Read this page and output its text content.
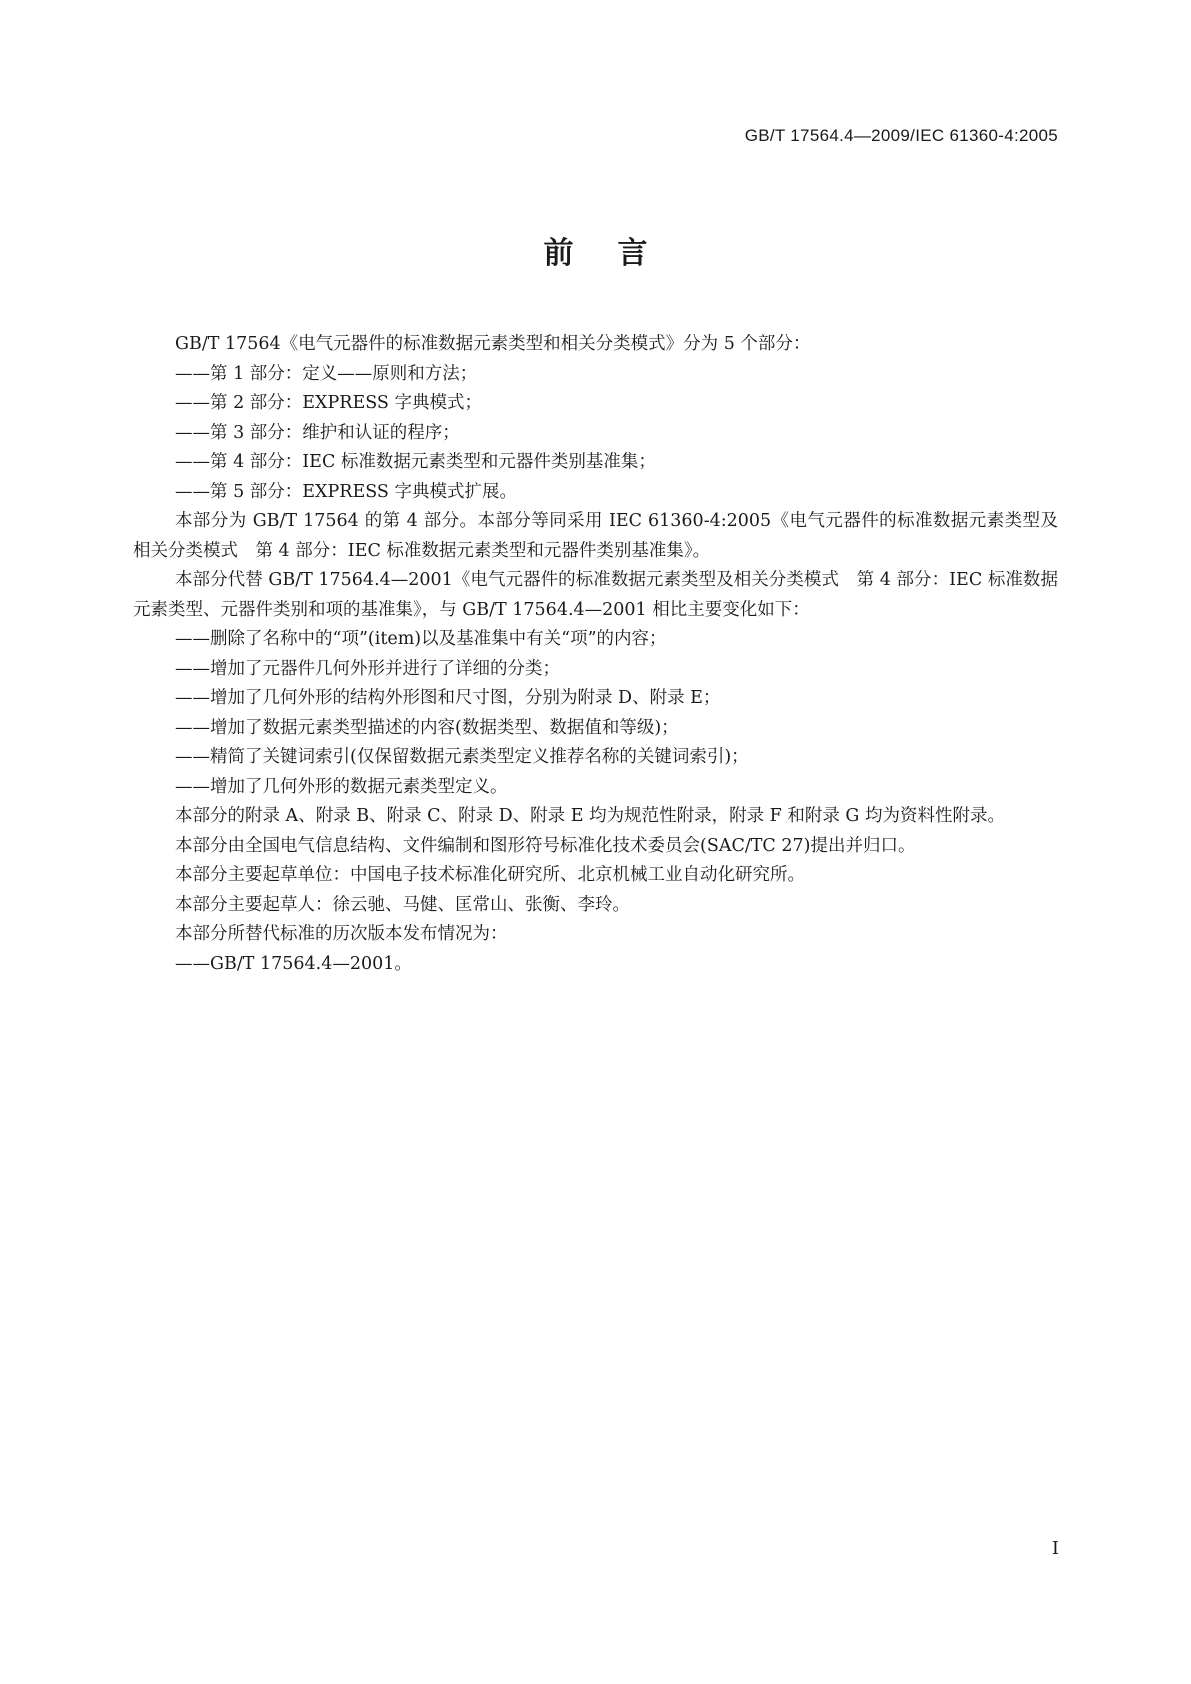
GB/T 17564.4—2009/IEC 61360-4:2005
前言

GB/T 17564《电气元器件的标准数据元素类型和相关分类模式》分为 5 个部分：

——第 1 部分：定义——原则和方法；

——第 2 部分：EXPRESS 字典模式；

——第 3 部分：维护和认证的程序；

——第 4 部分：IEC 标准数据元素类型和元器件类别基准集；

——第 5 部分：EXPRESS 字典模式扩展。

本部分为 GB/T 17564 的第 4 部分。本部分等同采用 IEC 61360-4:2005《电气元器件的标准数据元素类型及相关分类模式　第 4 部分：IEC 标准数据元素类型和元器件类别基准集》。

本部分代替 GB/T 17564.4—2001《电气元器件的标准数据元素类型及相关分类模式　第 4 部分：IEC 标准数据元素类型、元器件类别和项的基准集》，与 GB/T 17564.4—2001 相比主要变化如下：

——删除了名称中的“项”(item)以及基准集中有关“项”的内容；

——增加了元器件几何外形并进行了详细的分类；

——增加了几何外形的结构外形图和尺寸图，分别为附录 D、附录 E；

——增加了数据元素类型描述的内容(数据类型、数据值和等级)；

——精简了关键词索引(仅保留数据元素类型定义推荐名称的关键词索引)；

——增加了几何外形的数据元素类型定义。

本部分的附录 A、附录 B、附录 C、附录 D、附录 E 均为规范性附录，附录 F 和附录 G 均为资料性附录。

本部分由全国电气信息结构、文件编制和图形符号标准化技术委员会(SAC/TC 27)提出并归口。

本部分主要起草单位：中国电子技术标准化研究所、北京机械工业自动化研究所。

本部分主要起草人：徐云驰、马健、匡常山、张衡、李玲。

本部分所替代标准的历次版本发布情况为：

——GB/T 17564.4—2001。

I
